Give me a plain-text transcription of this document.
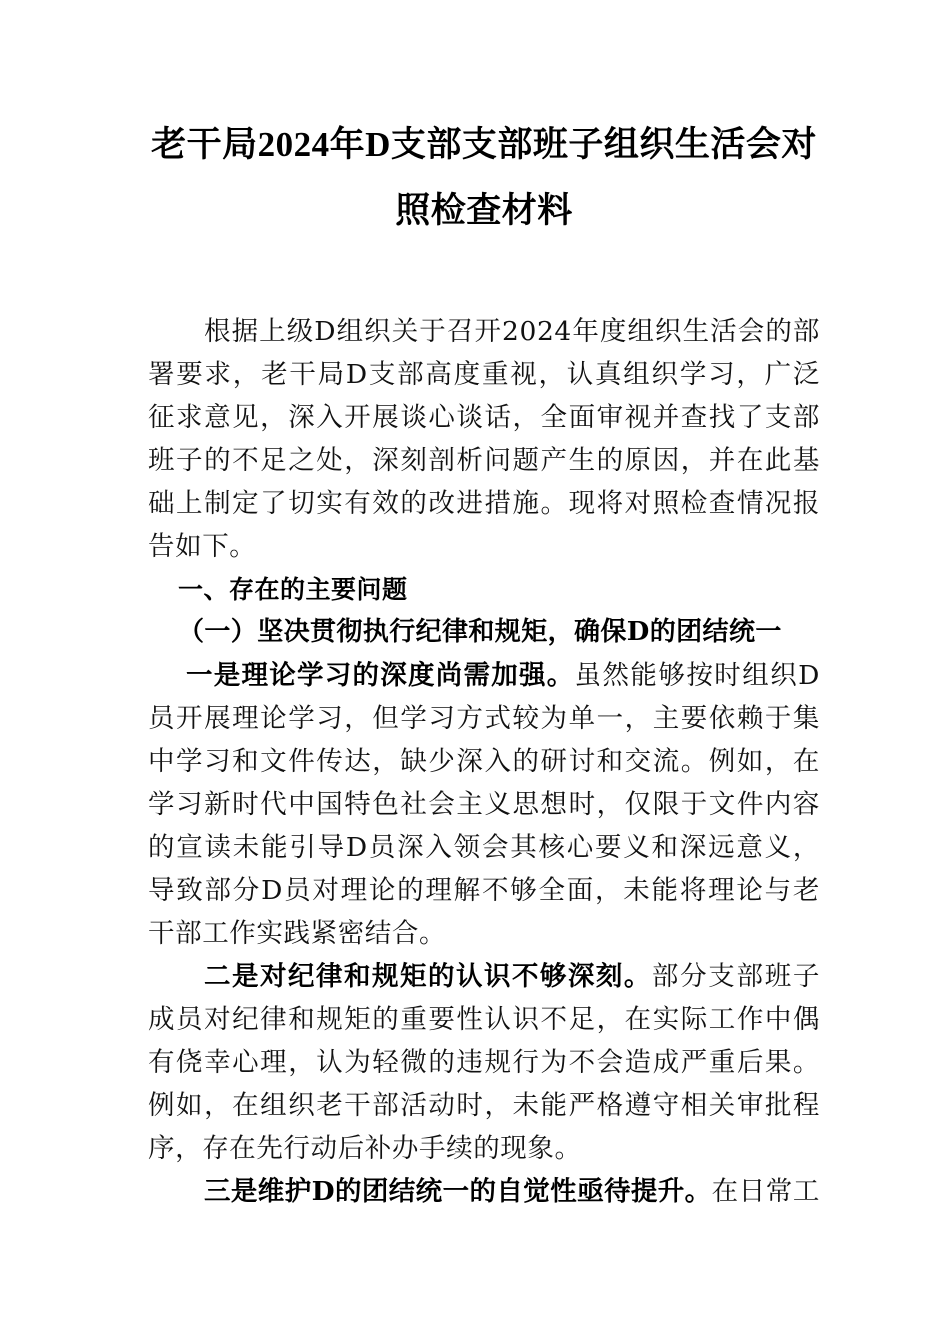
老干局2024年D支部支部班子组织生活会对照检查材料

根据上级D组织关于召开2024年度组织生活会的部署要求，老干局D支部高度重视，认真组织学习，广泛征求意见，深入开展谈心谈话，全面审视并查找了支部班子的不足之处，深刻剖析问题产生的原因，并在此基础上制定了切实有效的改进措施。现将对照检查情况报告如下。

一、存在的主要问题

（一）坚决贯彻执行纪律和规矩，确保D的团结统一

一是理论学习的深度尚需加强。虽然能够按时组织D员开展理论学习，但学习方式较为单一，主要依赖于集中学习和文件传达，缺少深入的研讨和交流。例如，在学习新时代中国特色社会主义思想时，仅限于文件内容的宣读未能引导D员深入领会其核心要义和深远意义，导致部分D员对理论的理解不够全面，未能将理论与老干部工作实践紧密结合。

二是对纪律和规矩的认识不够深刻。部分支部班子成员对纪律和规矩的重要性认识不足，在实际工作中偶有侥幸心理，认为轻微的违规行为不会造成严重后果。例如，在组织老干部活动时，未能严格遵守相关审批程序，存在先行动后补办手续的现象。

三是维护D的团结统一的自觉性亟待提升。在日常工
